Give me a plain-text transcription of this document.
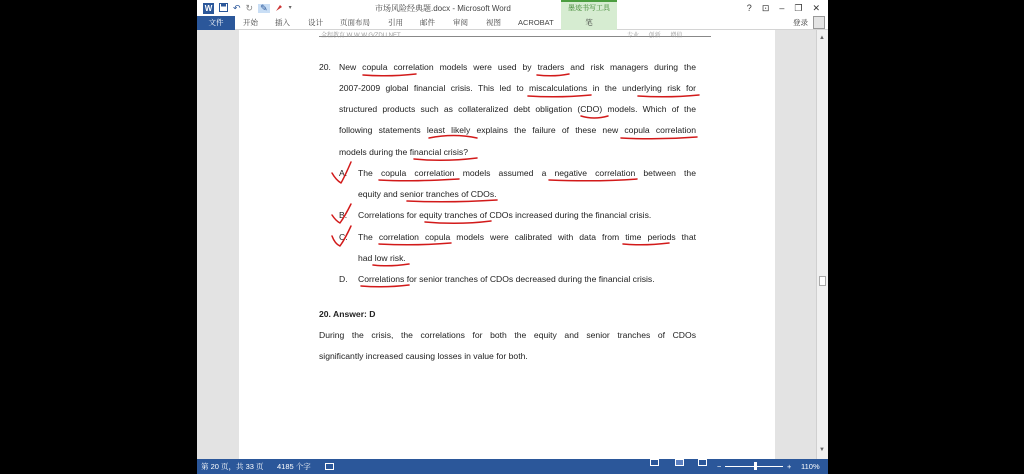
W ↶ ↻ ✎	▾	市场风险经典题.docx - Microsoft Word	墨迹书写工具	? ⊡ – ❐ ✕
文件	开始 插入 设计 页面布局 引用 邮件 审阅 视图 ACROBAT	笔	登录
全程教育 W W W.G/ZDU.NET	专业 创新 增值
20. New copula correlation models were used by traders and risk managers during the
2007-2009 global financial crisis. This led to miscalculations in the underlying risk for
structured products such as collateralized debt obligation (CDO) models. Which of the
following statements least likely explains the failure of these new copula correlation
models during the financial crisis?
A. The copula correlation models assumed a negative correlation between the
equity and senior tranches of CDOs.
B. Correlations for equity tranches of CDOs increased during the financial crisis.
C. The correlation copula models were calibrated with data from time periods that
had low risk.
D. Correlations for senior tranches of CDOs decreased during the financial crisis.
20. Answer: D
During the crisis, the correlations for both the equity and senior tranches of CDOs
significantly increased causing losses in value for both.
▲
▼
第 20 页，共 33 页 4185 个字	−	+ 110%
